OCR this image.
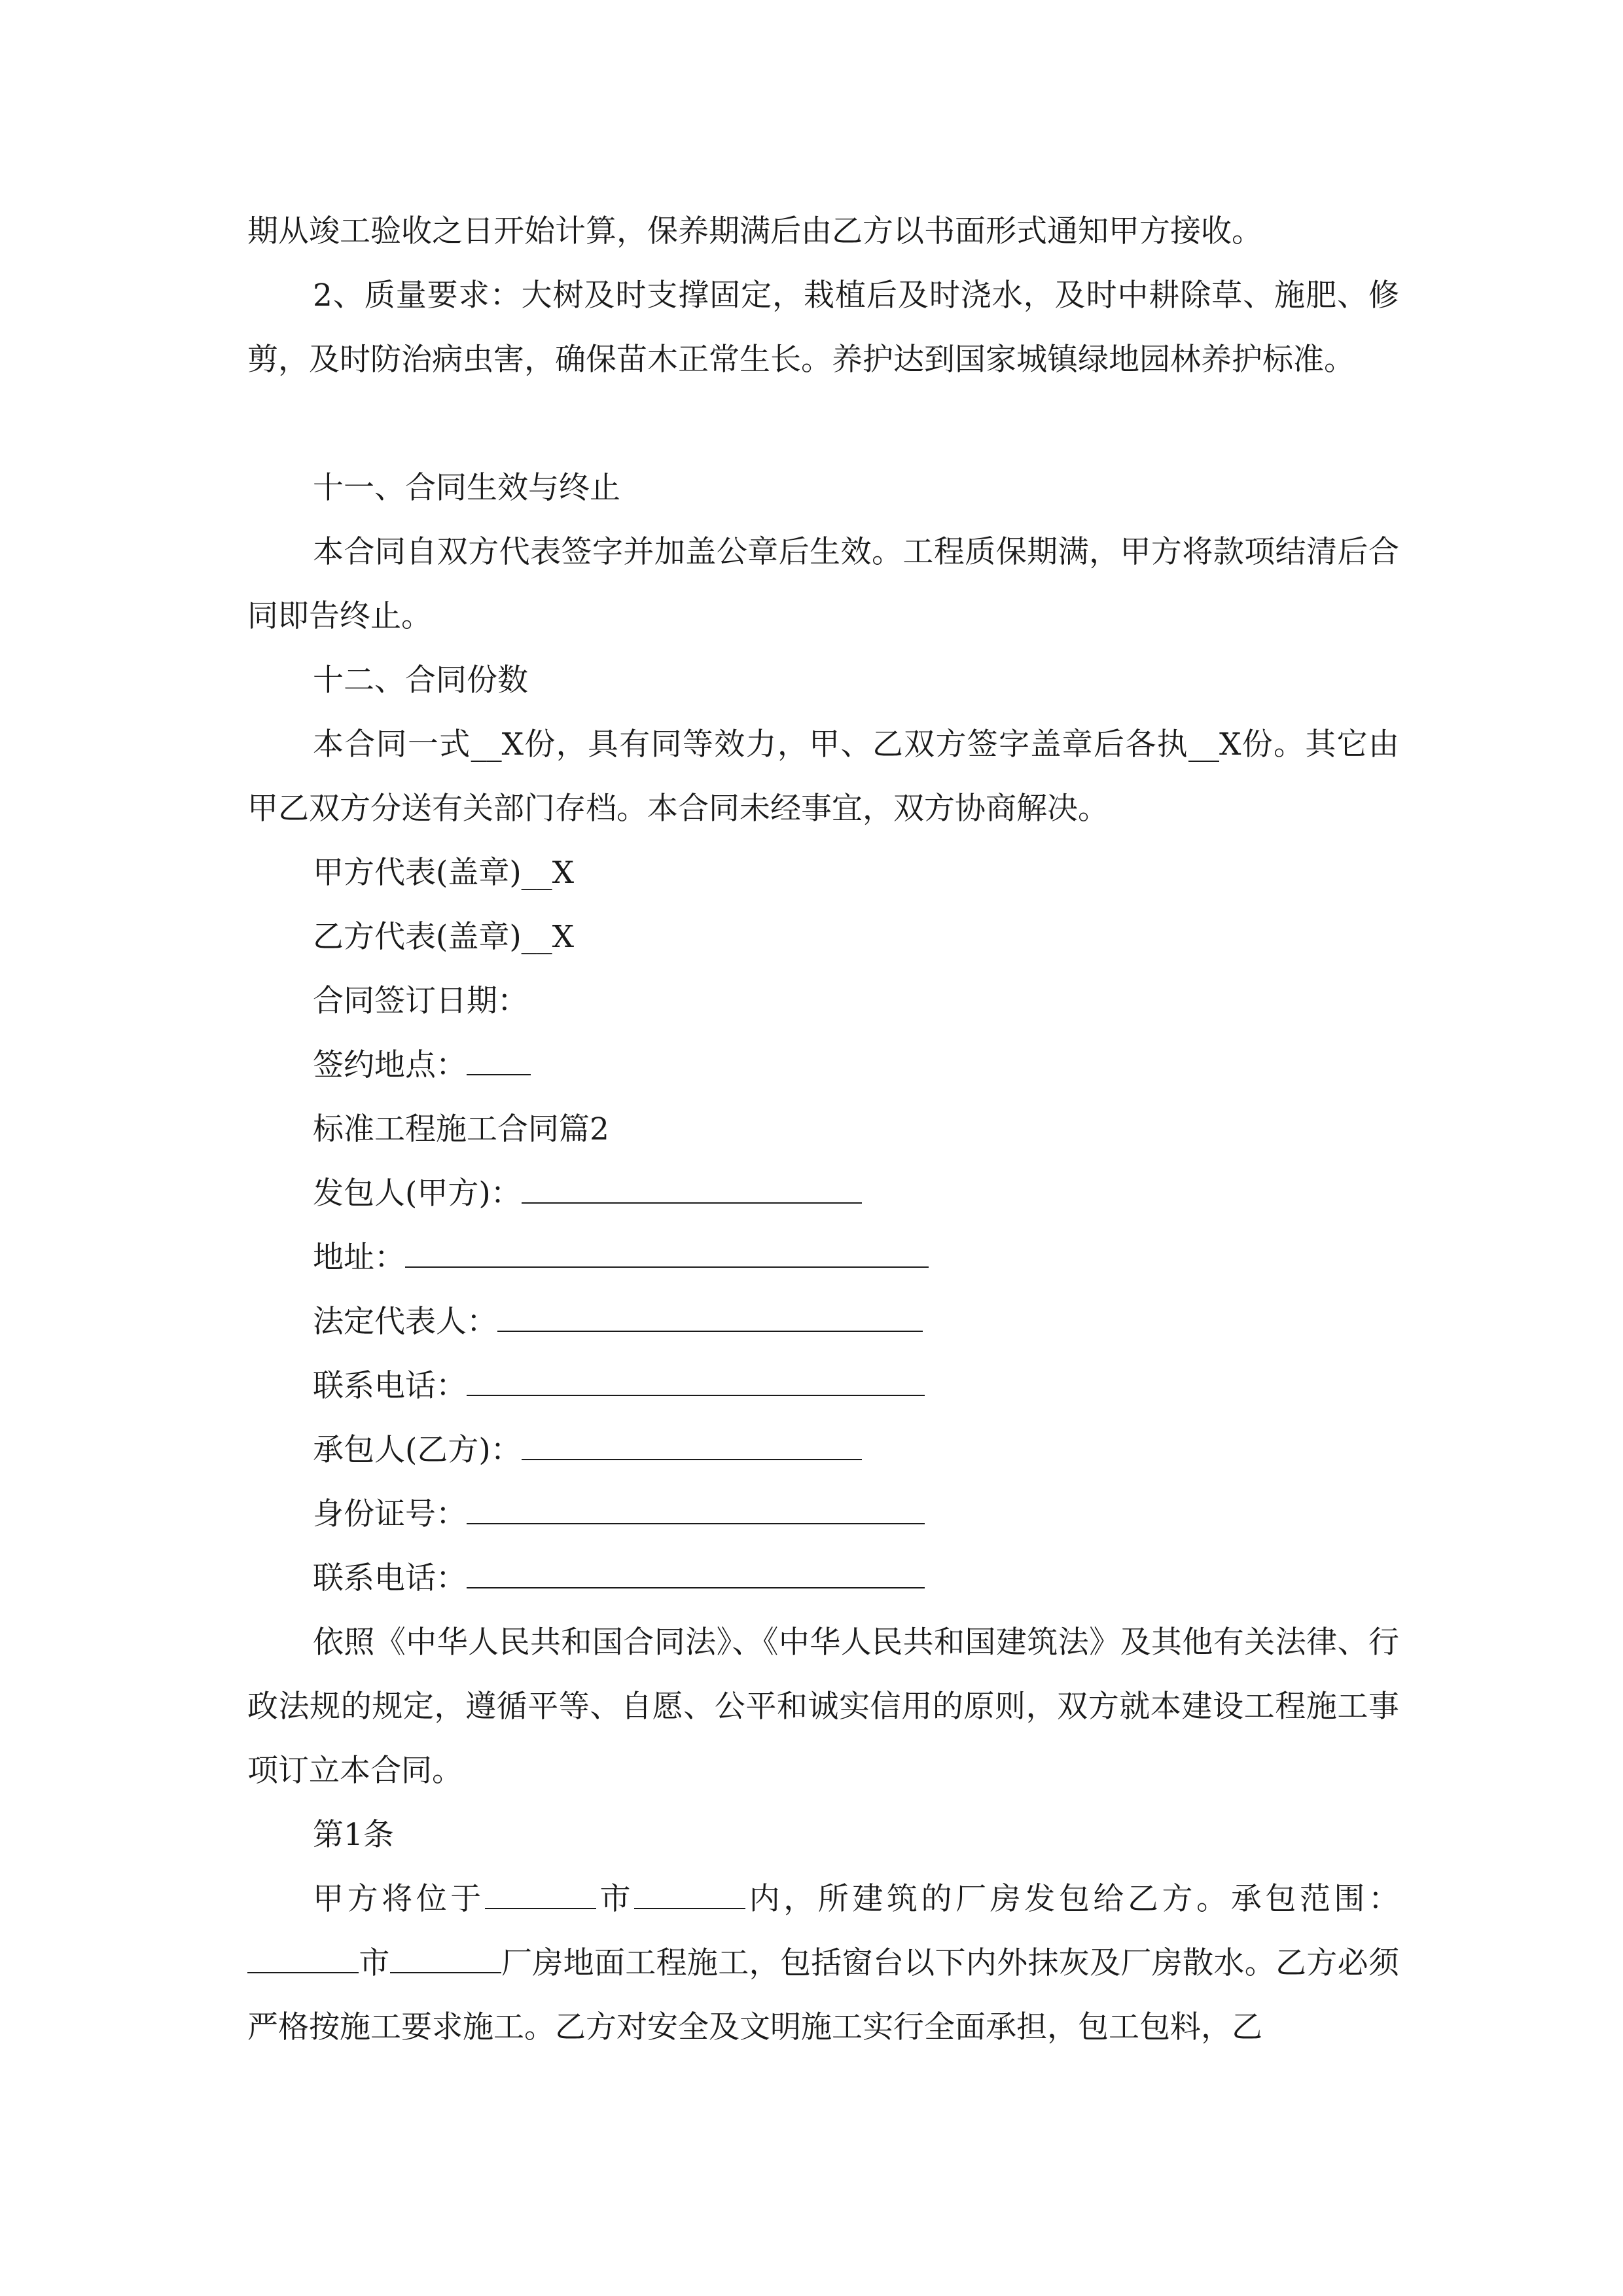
期从竣工验收之日开始计算，保养期满后由乙方以书面形式通知甲方接收。

2、质量要求：大树及时支撑固定，栽植后及时浇水，及时中耕除草、施肥、修剪，及时防治病虫害，确保苗木正常生长。养护达到国家城镇绿地园林养护标准。

十一、合同生效与终止

本合同自双方代表签字并加盖公章后生效。工程质保期满，甲方将款项结清后合同即告终止。

十二、合同份数

本合同一式__X份，具有同等效力，甲、乙双方签字盖章后各执__X份。其它由甲乙双方分送有关部门存档。本合同未经事宜，双方协商解决。

甲方代表(盖章)__X

乙方代表(盖章)__X

合同签订日期：

签约地点：

标准工程施工合同篇2

发包人(甲方)：

地址：

法定代表人：

联系电话：

承包人(乙方)：

身份证号：

联系电话：

依照《中华人民共和国合同法》、《中华人民共和国建筑法》及其他有关法律、行政法规的规定，遵循平等、自愿、公平和诚实信用的原则，双方就本建设工程施工事项订立本合同。

第1条

甲方将位于	市	内，所建筑的厂房发包给乙方。承包范围：市	厂房地面工程施工，包括窗台以下内外抹灰及厂房散水。乙方必须严格按施工要求施工。乙方对安全及文明施工实行全面承担，包工包料，乙
